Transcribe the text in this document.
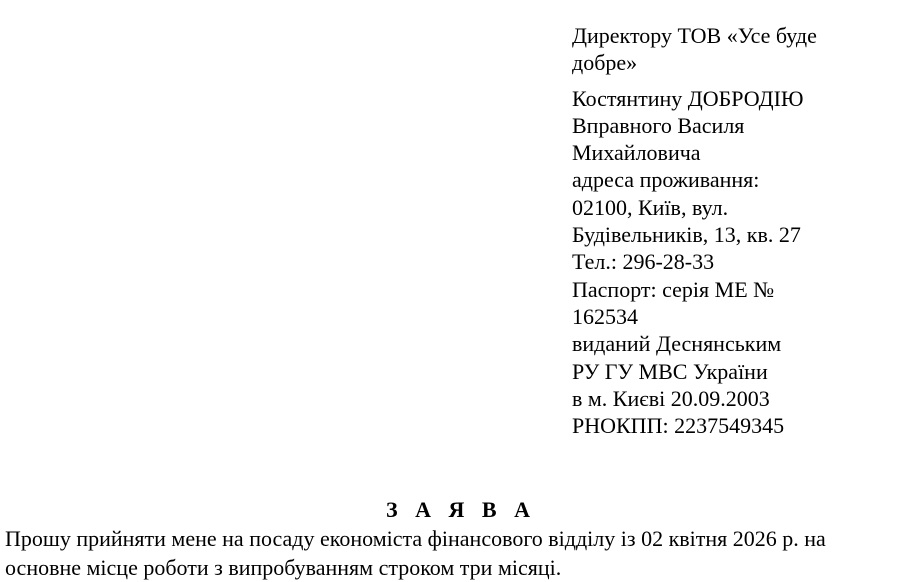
Директору ТОВ «Усе буде
добре»
Костянтину ДОБРОДІЮ
Вправного Василя
Михайловича
адреса проживання:
02100, Київ, вул.
Будівельників, 13, кв. 27
Тел.: 296-28-33
Паспорт: серія МЕ №
162534
виданий Деснянським
РУ ГУ МВС України
в м. Києві 20.09.2003
РНОКПП: 2237549345
З А Я В А
Прошу прийняти мене на посаду економіста фінансового відділу із 02 квітня 2026 р. на
основне місце роботи з випробуванням строком три місяці.
